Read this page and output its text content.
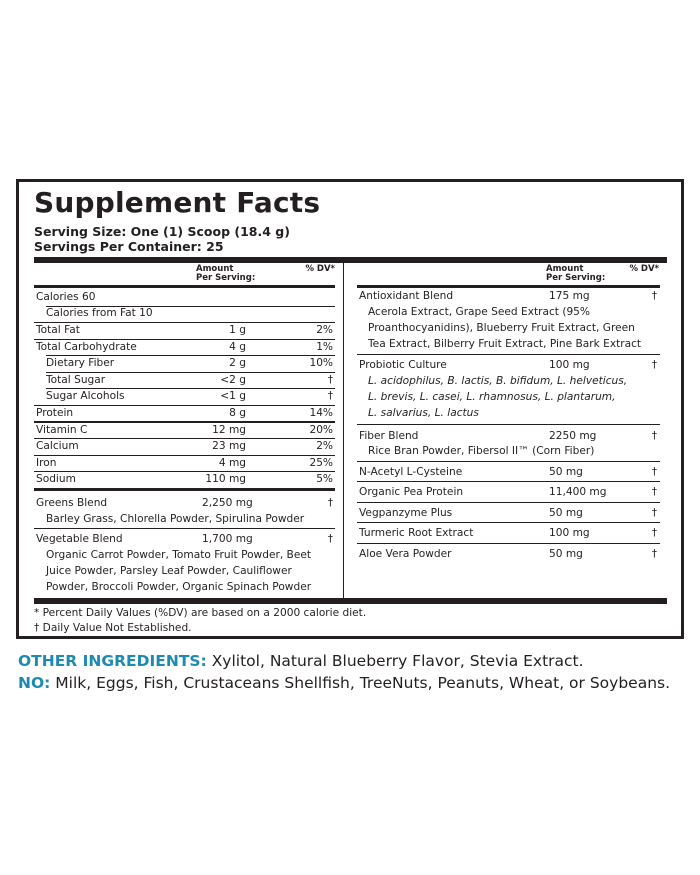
Supplement Facts
Serving Size: One (1) Scoop (18.4 g)
Servings Per Container: 25
Amount
Per Serving:
% DV*
Calories 60
Calories from Fat 10
Total Fat	1 g	2%
Total Carbohydrate	4 g	1%
Dietary Fiber	2 g	10%
Total Sugar	<2 g	†
Sugar Alcohols	<1 g	†
Protein	8 g	14%
Vitamin C	12 mg	20%
Calcium	23 mg	2%
Iron	4 mg	25%
Sodium	110 mg	5%
Greens Blend	2,250 mg	†
Barley Grass, Chlorella Powder, Spirulina Powder
Vegetable Blend	1,700 mg	†
Organic Carrot Powder, Tomato Fruit Powder, Beet
Juice Powder, Parsley Leaf Powder, Cauliflower
Powder, Broccoli Powder, Organic Spinach Powder
Amount
Per Serving:
% DV*
Antioxidant Blend	175 mg	†
Acerola Extract, Grape Seed Extract (95%
Proanthocyanidins), Blueberry Fruit Extract, Green
Tea Extract, Bilberry Fruit Extract, Pine Bark Extract
Probiotic Culture	100 mg	†
L. acidophilus, B. lactis, B. bifidum, L. helveticus,
L. brevis, L. casei, L. rhamnosus, L. plantarum,
L. salvarius, L. lactus
Fiber Blend	2250 mg	†
Rice Bran Powder, Fibersol II™ (Corn Fiber)
N-Acetyl L-Cysteine	50 mg	†
Organic Pea Protein	11,400 mg	†
Vegpanzyme Plus	50 mg	†
Turmeric Root Extract	100 mg	†
Aloe Vera Powder	50 mg	†
* Percent Daily Values (%DV) are based on a 2000 calorie diet.
† Daily Value Not Established.
OTHER INGREDIENTS: Xylitol, Natural Blueberry Flavor, Stevia Extract.
NO: Milk, Eggs, Fish, Crustaceans Shellfish, TreeNuts, Peanuts, Wheat, or Soybeans.
